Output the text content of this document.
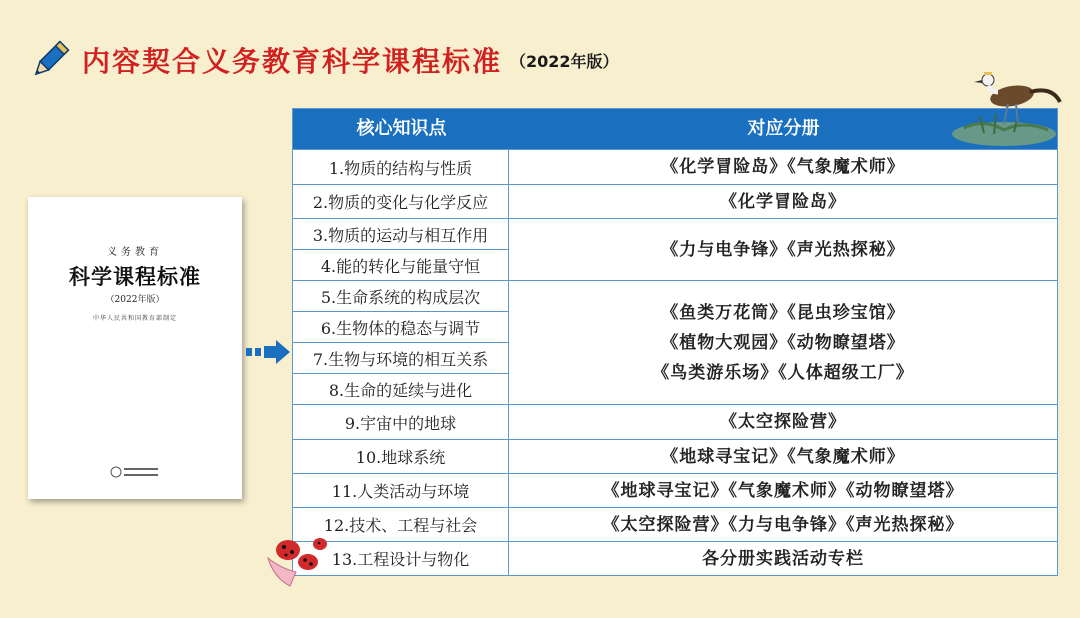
内容契合义务教育科学课程标准 （2022年版）
义务教育
科学课程标准
（2022年版）
中华人民共和国教育部制定
核心知识点	对应分册
1.物质的结构与性质
2.物质的变化与化学反应
3.物质的运动与相互作用
4.能的转化与能量守恒
5.生命系统的构成层次
6.生物体的稳态与调节
7.生物与环境的相互关系
8.生命的延续与进化
9.宇宙中的地球
10.地球系统
11.人类活动与环境
12.技术、工程与社会
13.工程设计与物化
《化学冒险岛》《气象魔术师》
《化学冒险岛》
《力与电争锋》《声光热探秘》
《鱼类万花筒》《昆虫珍宝馆》
《植物大观园》《动物瞭望塔》
《鸟类游乐场》《人体超级工厂》
《太空探险营》
《地球寻宝记》《气象魔术师》
《地球寻宝记》《气象魔术师》《动物瞭望塔》
《太空探险营》《力与电争锋》《声光热探秘》
各分册实践活动专栏
